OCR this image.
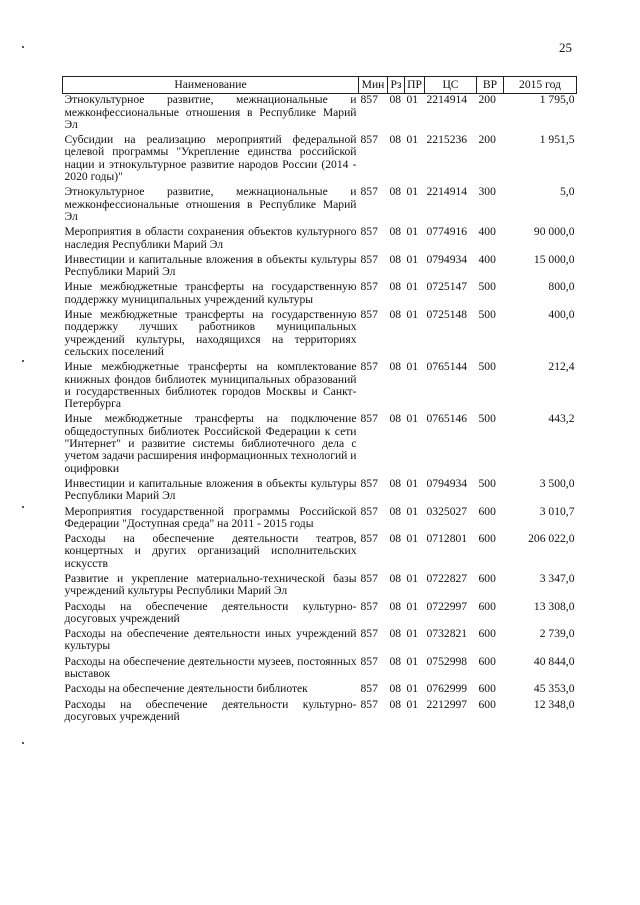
25
Наименование	Мин	Рз	ПР	ЦС	ВР	2015 год
Этнокультурное развитие, межнациональные и межконфессиональные отношения в Республике Марий Эл	857	08	01	2214914	200	1 795,0
Субсидии на реализацию мероприятий федеральной целевой программы "Укрепление единства российской нации и этнокультурное развитие народов России (2014 - 2020 годы)"	857	08	01	2215236	200	1 951,5
Этнокультурное развитие, межнациональные и межконфессиональные отношения в Республике Марий Эл	857	08	01	2214914	300	5,0
Мероприятия в области сохранения объектов культурного наследия Республики Марий Эл	857	08	01	0774916	400	90 000,0
Инвестиции и капитальные вложения в объекты культуры Республики Марий Эл	857	08	01	0794934	400	15 000,0
Иные межбюджетные трансферты на государственную поддержку муниципальных учреждений культуры	857	08	01	0725147	500	800,0
Иные межбюджетные трансферты на государственную поддержку лучших работников муниципальных учреждений культуры, находящихся на территориях сельских поселений	857	08	01	0725148	500	400,0
Иные межбюджетные трансферты на комплектование книжных фондов библиотек муниципальных образований и государственных библиотек городов Москвы и Санкт-Петербурга	857	08	01	0765144	500	212,4
Иные межбюджетные трансферты на подключение общедоступных библиотек Российской Федерации к сети "Интернет" и развитие системы библиотечного дела с учетом задачи расширения информационных технологий и оцифровки	857	08	01	0765146	500	443,2
Инвестиции и капитальные вложения в объекты культуры Республики Марий Эл	857	08	01	0794934	500	3 500,0
Мероприятия государственной программы Российской Федерации "Доступная среда" на 2011 - 2015 годы	857	08	01	0325027	600	3 010,7
Расходы на обеспечение деятельности театров, концертных и других организаций исполнительских искусств	857	08	01	0712801	600	206 022,0
Развитие и укрепление материально-технической базы учреждений культуры Республики Марий Эл	857	08	01	0722827	600	3 347,0
Расходы на обеспечение деятельности культурно-досуговых учреждений	857	08	01	0722997	600	13 308,0
Расходы на обеспечение деятельности иных учреждений культуры	857	08	01	0732821	600	2 739,0
Расходы на обеспечение деятельности музеев, постоянных выставок	857	08	01	0752998	600	40 844,0
Расходы на обеспечение деятельности библиотек	857	08	01	0762999	600	45 353,0
Расходы на обеспечение деятельности культурно-досуговых учреждений	857	08	01	2212997	600	12 348,0
